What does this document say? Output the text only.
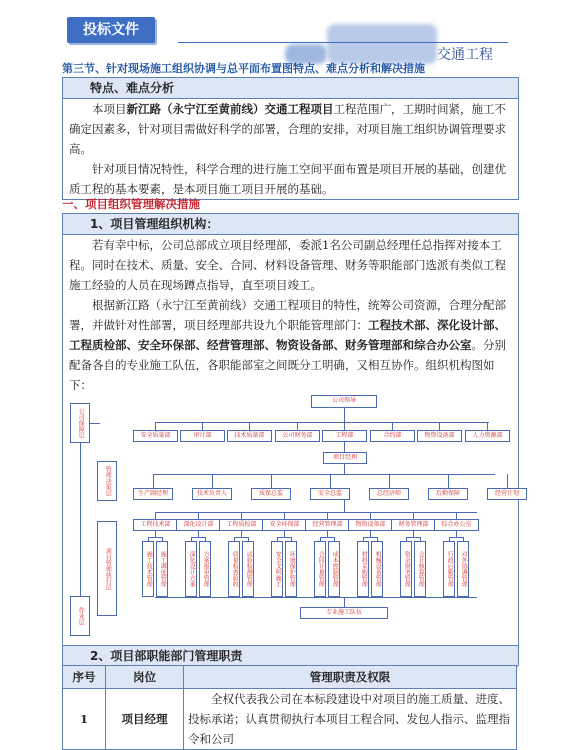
投标文件
交通工程
第三节、针对现场施工组织协调与总平面布置图特点、难点分析和解决措施
特点、难点分析

本项目新江路（永宁江至黄前线）交通工程项目工程范围广，工期时间紧，施工不确定因素多，针对项目需做好科学的部署，合理的安排，对项目施工组织协调管理要求高。

针对项目情况特性，科学合理的进行施工空间平面布置是项目开展的基础，创建优质工程的基本要素，是本项目施工项目开展的基础。

一、项目组织管理解决措施
1、项目管理组织机构：

若有幸中标，公司总部成立项目经理部，委派1名公司副总经理任总指挥对接本工程。同时在技术、质量、安全、合同、材料设备管理、财务等职能部门选派有类似工程施工经验的人员在现场蹲点指导，直至项目竣工。

根据新江路（永宁江至黄前线）交通工程项目的特性，统筹公司资源，合理分配部署，并做针对性部署，项目经理部共设九个职能管理部门：工程技术部、深化设计部、工程质检部、安全环保部、经营管理部、物资设备部、财务管理部和综合办公室。分别配备各自的专业施工队伍，各职能部室之间既分工明确，又相互协作。组织机构图如下：

公司保障层
管理决策层
项目管理执行层
作业层
公司领导
安全质量部	审计部	技术质量部	公司财务部	工程部	合约部	物资设备部	人力资源部
项目经理
生产副经理	技术负责人	质保总监	安全总监	总经济师	后勤保障	经营计划
工程技术部	深化设计部	工程质检部	安全环保部	经营管理部	物资设备部	财务管理部	综合办公室
施工技术管理	施工调度管理	深化设计方案	方案报审管理	质量检查验收	试验检测管理	安全文明施工	环境保护管理	合同计量管理	成本控制管理	材料采购管理	机械设备管理	资金财务管理	会计核算管理	行政后勤管理	对外协调管理
专业施工队伍
2、项目部职能部门管理职责
序号	岗位	管理职责及权限
1	项目经理	全权代表我公司在本标段建设中对项目的施工质量、进度、投标承诺；认真贯彻执行本项目工程合同、发包人指示、监理指令和公司
